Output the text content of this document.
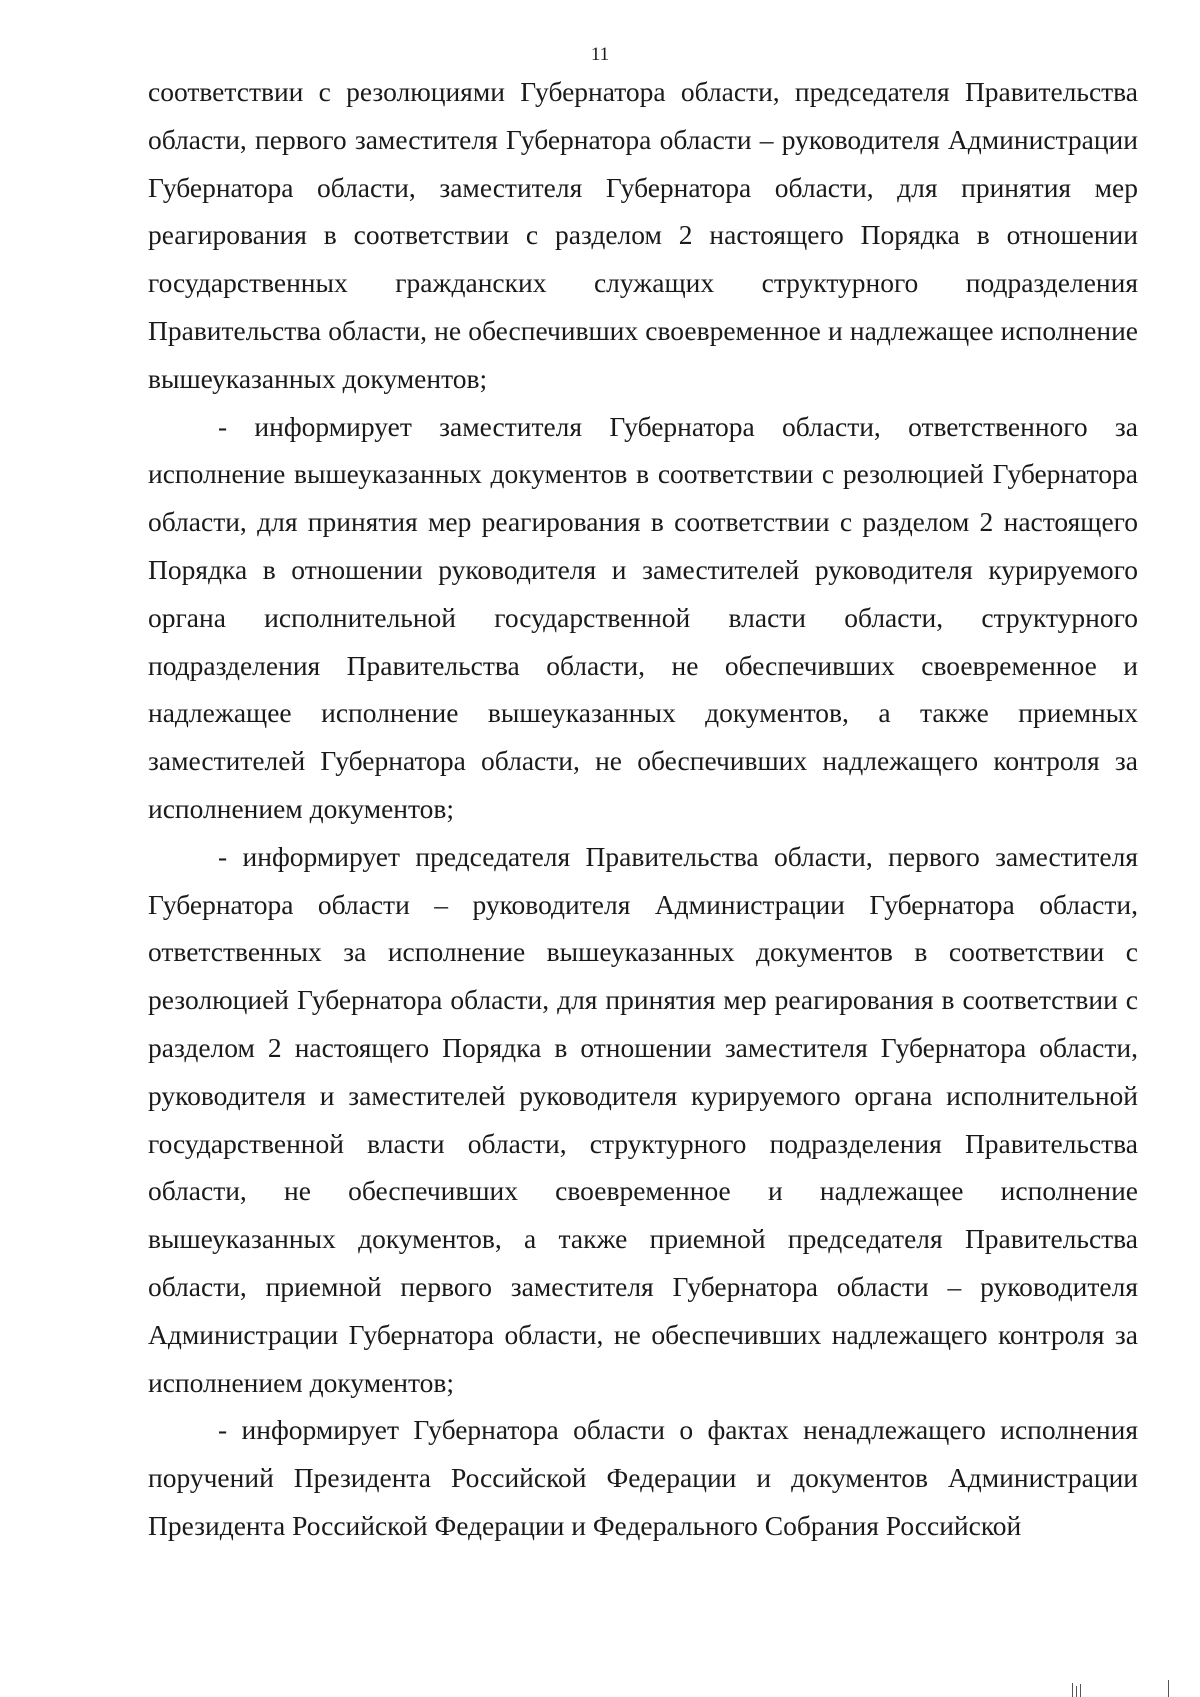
11

соответствии с резолюциями Губернатора области, председателя Правительства области, первого заместителя Губернатора области – руководителя Администрации Губернатора области, заместителя Губернатора области, для принятия мер реагирования в соответствии с разделом 2 настоящего Порядка в отношении государственных гражданских служащих структурного подразделения Правительства области, не обеспечивших своевременное и надлежащее исполнение вышеуказанных документов;

- информирует заместителя Губернатора области, ответственного за исполнение вышеуказанных документов в соответствии с резолюцией Губернатора области, для принятия мер реагирования в соответствии с разделом 2 настоящего Порядка в отношении руководителя и заместителей руководителя курируемого органа исполнительной государственной власти области, структурного подразделения Правительства области, не обеспечивших своевременное и надлежащее исполнение вышеуказанных документов, а также приемных заместителей Губернатора области, не обеспечивших надлежащего контроля за исполнением документов;

- информирует председателя Правительства области, первого заместителя Губернатора области – руководителя Администрации Губернатора области, ответственных за исполнение вышеуказанных документов в соответствии с резолюцией Губернатора области, для принятия мер реагирования в соответствии с разделом 2 настоящего Порядка в отношении заместителя Губернатора области, руководителя и заместителей руководителя курируемого органа исполнительной государственной власти области, структурного подразделения Правительства области, не обеспечивших своевременное и надлежащее исполнение вышеуказанных документов, а также приемной председателя Правительства области, приемной первого заместителя Губернатора области – руководителя Администрации Губернатора области, не обеспечивших надлежащего контроля за исполнением документов;

- информирует Губернатора области о фактах ненадлежащего исполнения поручений Президента Российской Федерации и документов Администрации Президента Российской Федерации и Федерального Собрания Российской
